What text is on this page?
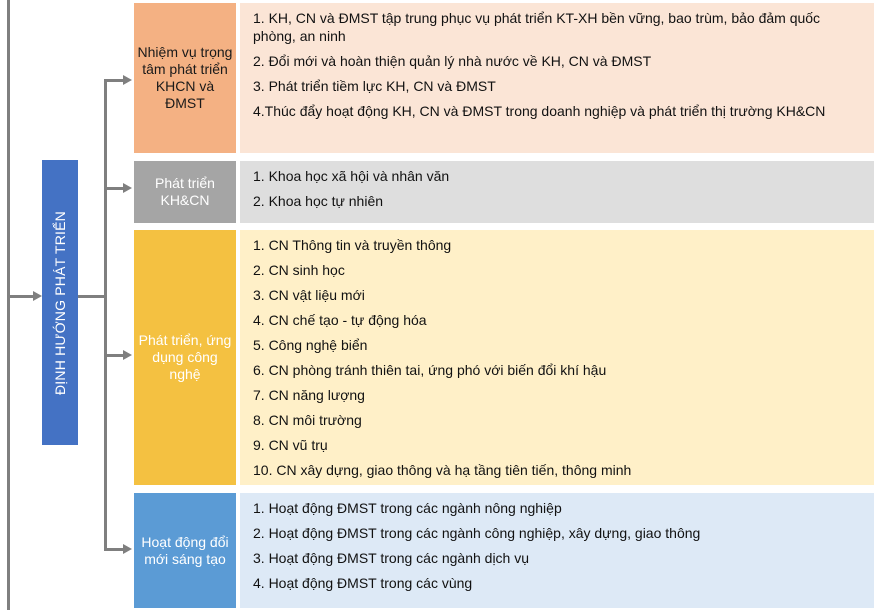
ĐỊNH HƯỚNG PHÁT TRIỂN
Nhiệm vụ trọng tâm phát triển KHCN và ĐMST
1. KH, CN và ĐMST tập trung phục vụ phát triển KT-XH bền vững, bao trùm, bảo đảm quốc phòng, an ninh
2. Đổi mới và hoàn thiện quản lý nhà nước về KH, CN và ĐMST
3. Phát triển tiềm lực KH, CN và ĐMST
4.Thúc đẩy hoạt động KH, CN và ĐMST trong doanh nghiệp và phát triển thị trường KH&CN
Phát triển KH&CN
1. Khoa học xã hội và nhân văn
2. Khoa học tự nhiên
Phát triển, ứng dụng công nghệ
1. CN Thông tin và truyền thông
2. CN sinh học
3. CN vật liệu mới
4. CN chế tạo - tự động hóa
5. Công nghệ biển
6. CN phòng tránh thiên tai, ứng phó với biến đổi khí hậu
7. CN năng lượng
8. CN môi trường
9. CN vũ trụ
10. CN xây dựng, giao thông và hạ tầng tiên tiến, thông minh
Hoạt động đổi mới sáng tạo
1. Hoạt động ĐMST trong các ngành nông nghiệp
2. Hoạt động ĐMST trong các ngành công nghiệp, xây dựng, giao thông
3. Hoạt động ĐMST trong các ngành dịch vụ
4. Hoạt động ĐMST trong các vùng
